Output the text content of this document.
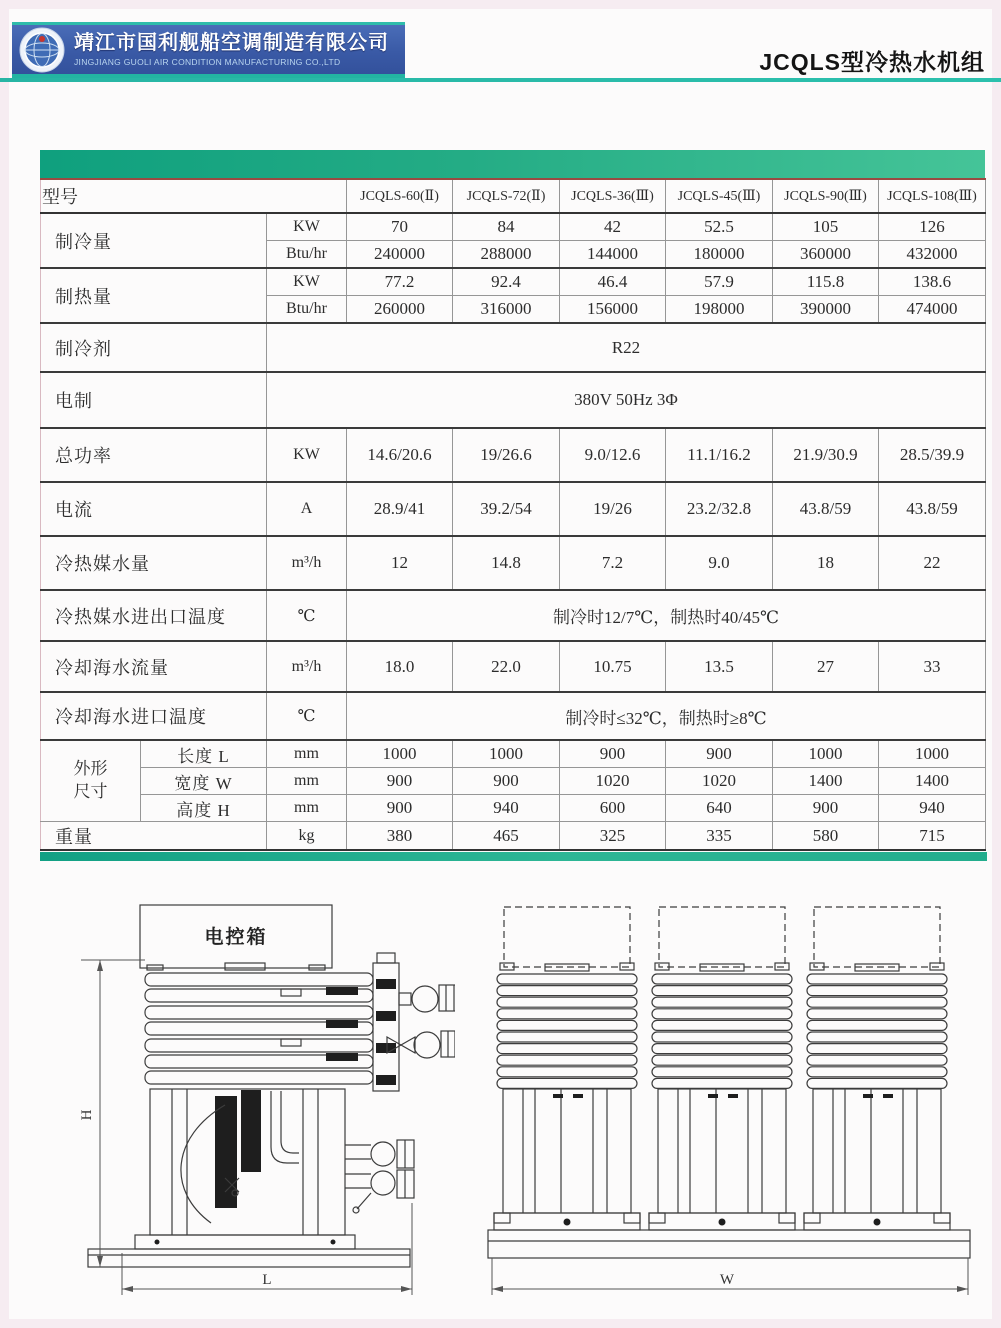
靖江市国利舰船空调制造有限公司
JINGJIANG GUOLI AIR CONDITION MANUFACTURING CO.,LTD	JCQLS型冷热水机组
型号			JCQLS-60(Ⅱ)	JCQLS-72(Ⅱ)	JCQLS-36(Ⅲ)	JCQLS-45(Ⅲ)	JCQLS-90(Ⅲ)	JCQLS-108(Ⅲ)
制冷量		KW	70	84	42	52.5	105	126
		Btu/hr	240000	288000	144000	180000	360000	432000
制热量		KW	77.2	92.4	46.4	57.9	115.8	138.6
		Btu/hr	260000	316000	156000	198000	390000	474000
制冷剂		R22						
电制		380V 50Hz 3Φ						
总功率		KW	14.6/20.6	19/26.6	9.0/12.6	11.1/16.2	21.9/30.9	28.5/39.9
电流		A	28.9/41	39.2/54	19/26	23.2/32.8	43.8/59	43.8/59
冷热媒水量		m³/h	12	14.8	7.2	9.0	18	22
冷热媒水进出口温度		℃	制冷时12/7℃，制热时40/45℃					
冷却海水流量		m³/h	18.0	22.0	10.75	13.5	27	33
冷却海水进口温度		℃	制冷时≤32℃，制热时≥8℃					
外形尺寸	长度 L	mm	1000	1000	900	900	1000	1000
	宽度 W	mm	900	900	1020	1020	1400	1400
	高度 H	mm	900	940	600	640	900	940
重量		kg	380	465	325	335	580	715
电控箱
H
L	W
